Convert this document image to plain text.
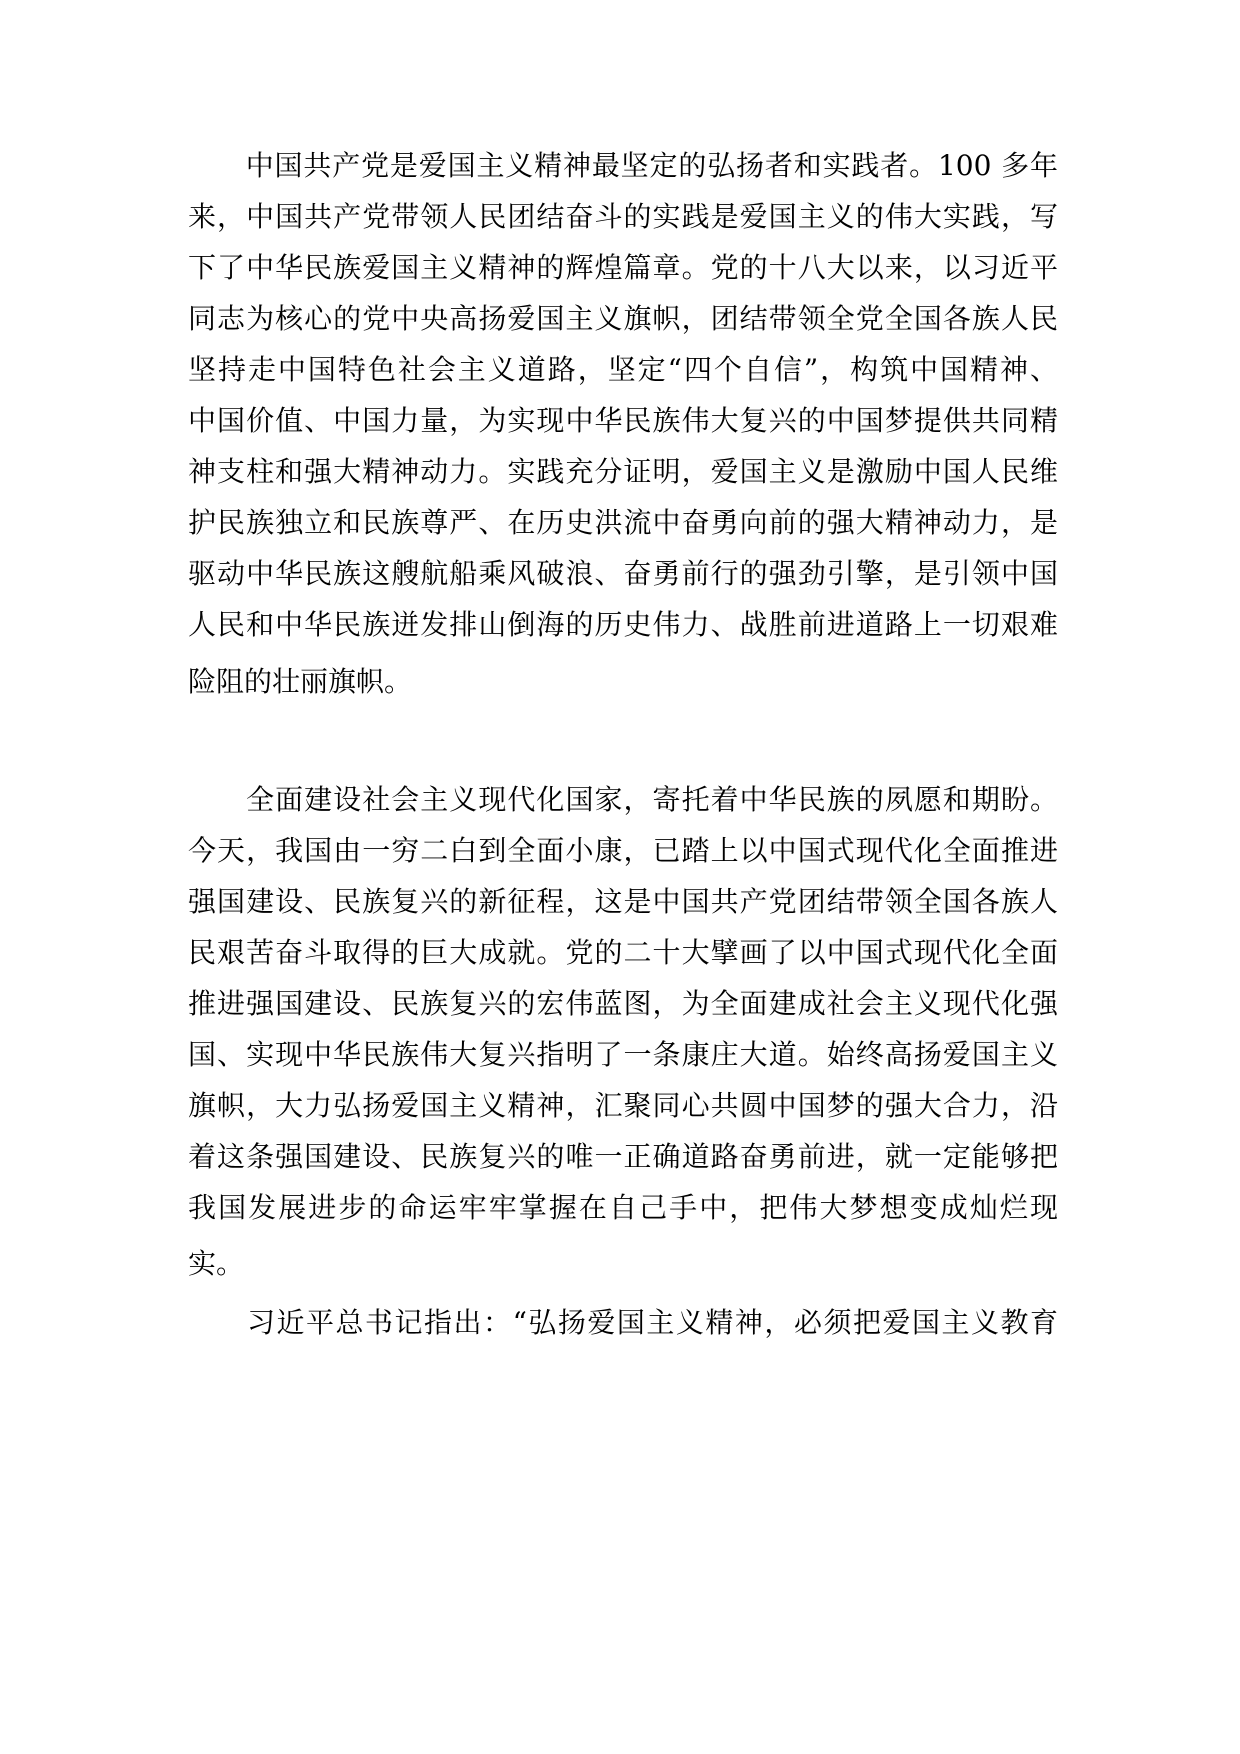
　　中国共产党是爱国主义精神最坚定的弘扬者和实践者。100 多年
来，中国共产党带领人民团结奋斗的实践是爱国主义的伟大实践，写
下了中华民族爱国主义精神的辉煌篇章。党的十八大以来，以习近平
同志为核心的党中央高扬爱国主义旗帜，团结带领全党全国各族人民
坚持走中国特色社会主义道路，坚定“四个自信”，构筑中国精神、
中国价值、中国力量，为实现中华民族伟大复兴的中国梦提供共同精
神支柱和强大精神动力。实践充分证明，爱国主义是激励中国人民维
护民族独立和民族尊严、在历史洪流中奋勇向前的强大精神动力，是
驱动中华民族这艘航船乘风破浪、奋勇前行的强劲引擎，是引领中国
人民和中华民族迸发排山倒海的历史伟力、战胜前进道路上一切艰难
险阻的壮丽旗帜。
　　全面建设社会主义现代化国家，寄托着中华民族的夙愿和期盼。
今天，我国由一穷二白到全面小康，已踏上以中国式现代化全面推进
强国建设、民族复兴的新征程，这是中国共产党团结带领全国各族人
民艰苦奋斗取得的巨大成就。党的二十大擘画了以中国式现代化全面
推进强国建设、民族复兴的宏伟蓝图，为全面建成社会主义现代化强
国、实现中华民族伟大复兴指明了一条康庄大道。始终高扬爱国主义
旗帜，大力弘扬爱国主义精神，汇聚同心共圆中国梦的强大合力，沿
着这条强国建设、民族复兴的唯一正确道路奋勇前进，就一定能够把
我国发展进步的命运牢牢掌握在自己手中，把伟大梦想变成灿烂现
实。
　　习近平总书记指出：“弘扬爱国主义精神，必须把爱国主义教育
